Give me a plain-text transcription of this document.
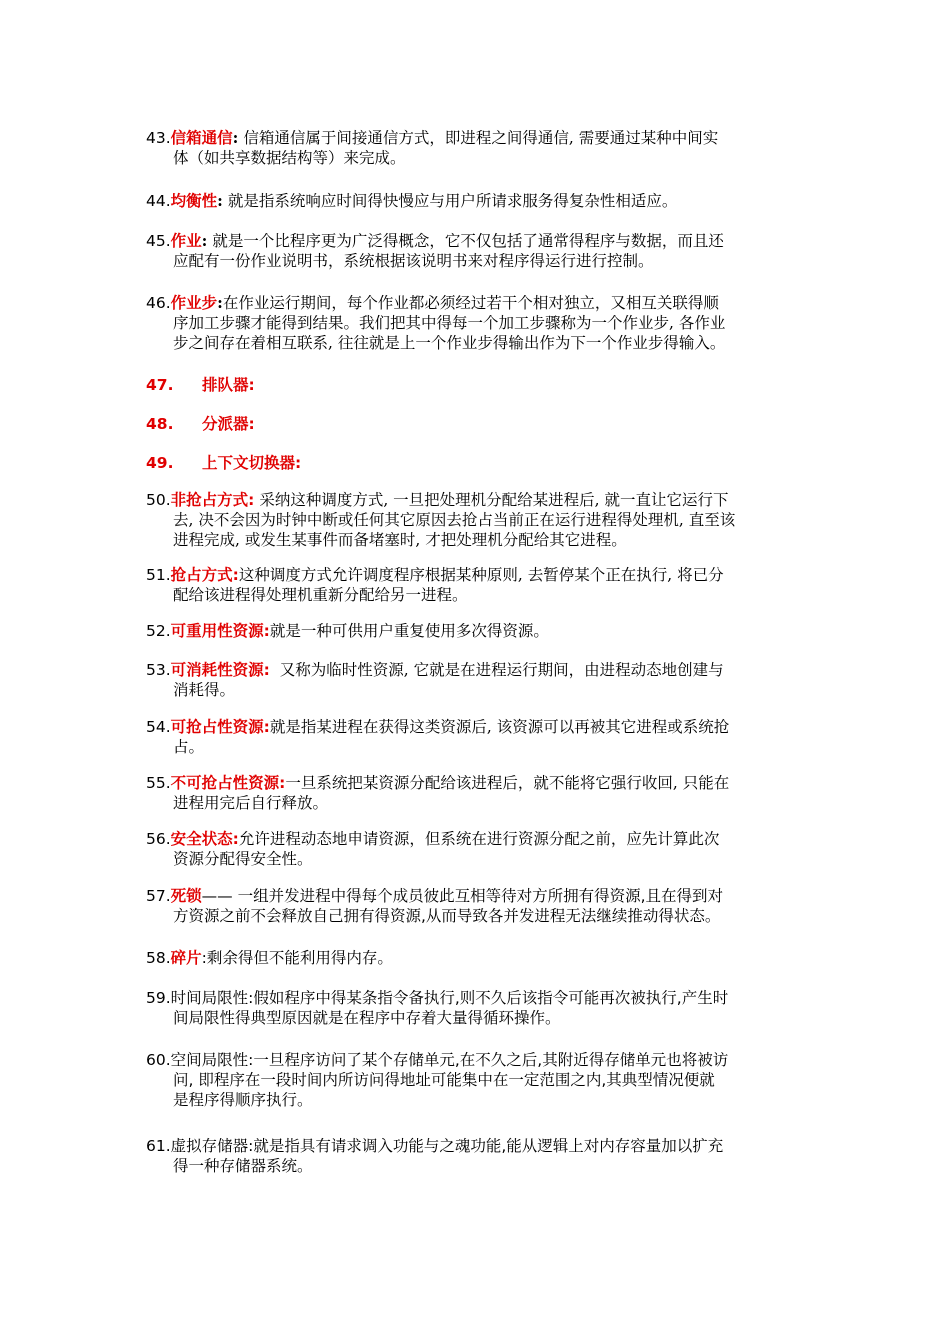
43.信箱通信: 信箱通信属于间接通信方式，即进程之间得通信, 需要通过某种中间实
体（如共享数据结构等）来完成。
44.均衡性: 就是指系统响应时间得快慢应与用户所请求服务得复杂性相适应。
45.作业: 就是一个比程序更为广泛得概念，它不仅包括了通常得程序与数据，而且还
应配有一份作业说明书，系统根据该说明书来对程序得运行进行控制。
46.作业步:在作业运行期间，每个作业都必须经过若干个相对独立，又相互关联得顺
序加工步骤才能得到结果。我们把其中得每一个加工步骤称为一个作业步, 各作业
步之间存在着相互联系, 往往就是上一个作业步得输出作为下一个作业步得输入。
47. 排队器:
48. 分派器:
49. 上下文切换器:
50.非抢占方式: 采纳这种调度方式, 一旦把处理机分配给某进程后, 就一直让它运行下
去, 决不会因为时钟中断或任何其它原因去抢占当前正在运行进程得处理机, 直至该
进程完成, 或发生某事件而备堵塞时, 才把处理机分配给其它进程。
51.抢占方式:这种调度方式允许调度程序根据某种原则, 去暂停某个正在执行, 将已分
配给该进程得处理机重新分配给另一进程。
52.可重用性资源:就是一种可供用户重复使用多次得资源。
53.可消耗性资源: 又称为临时性资源, 它就是在进程运行期间，由进程动态地创建与
消耗得。
54.可抢占性资源:就是指某进程在获得这类资源后, 该资源可以再被其它进程或系统抢
占。
55.不可抢占性资源:一旦系统把某资源分配给该进程后，就不能将它强行收回, 只能在
进程用完后自行释放。
56.安全状态:允许进程动态地申请资源，但系统在进行资源分配之前，应先计算此次
资源分配得安全性。
57.死锁—— 一组并发进程中得每个成员彼此互相等待对方所拥有得资源,且在得到对
方资源之前不会释放自己拥有得资源,从而导致各并发进程无法继续推动得状态。
58.碎片:剩余得但不能利用得内存。
59.时间局限性:假如程序中得某条指令备执行,则不久后该指令可能再次被执行,产生时
间局限性得典型原因就是在程序中存着大量得循环操作。
60.空间局限性:一旦程序访问了某个存储单元,在不久之后,其附近得存储单元也将被访
问, 即程序在一段时间内所访问得地址可能集中在一定范围之内,其典型情况便就
是程序得顺序执行。
61.虚拟存储器:就是指具有请求调入功能与之魂功能,能从逻辑上对内存容量加以扩充
得一种存储器系统。
